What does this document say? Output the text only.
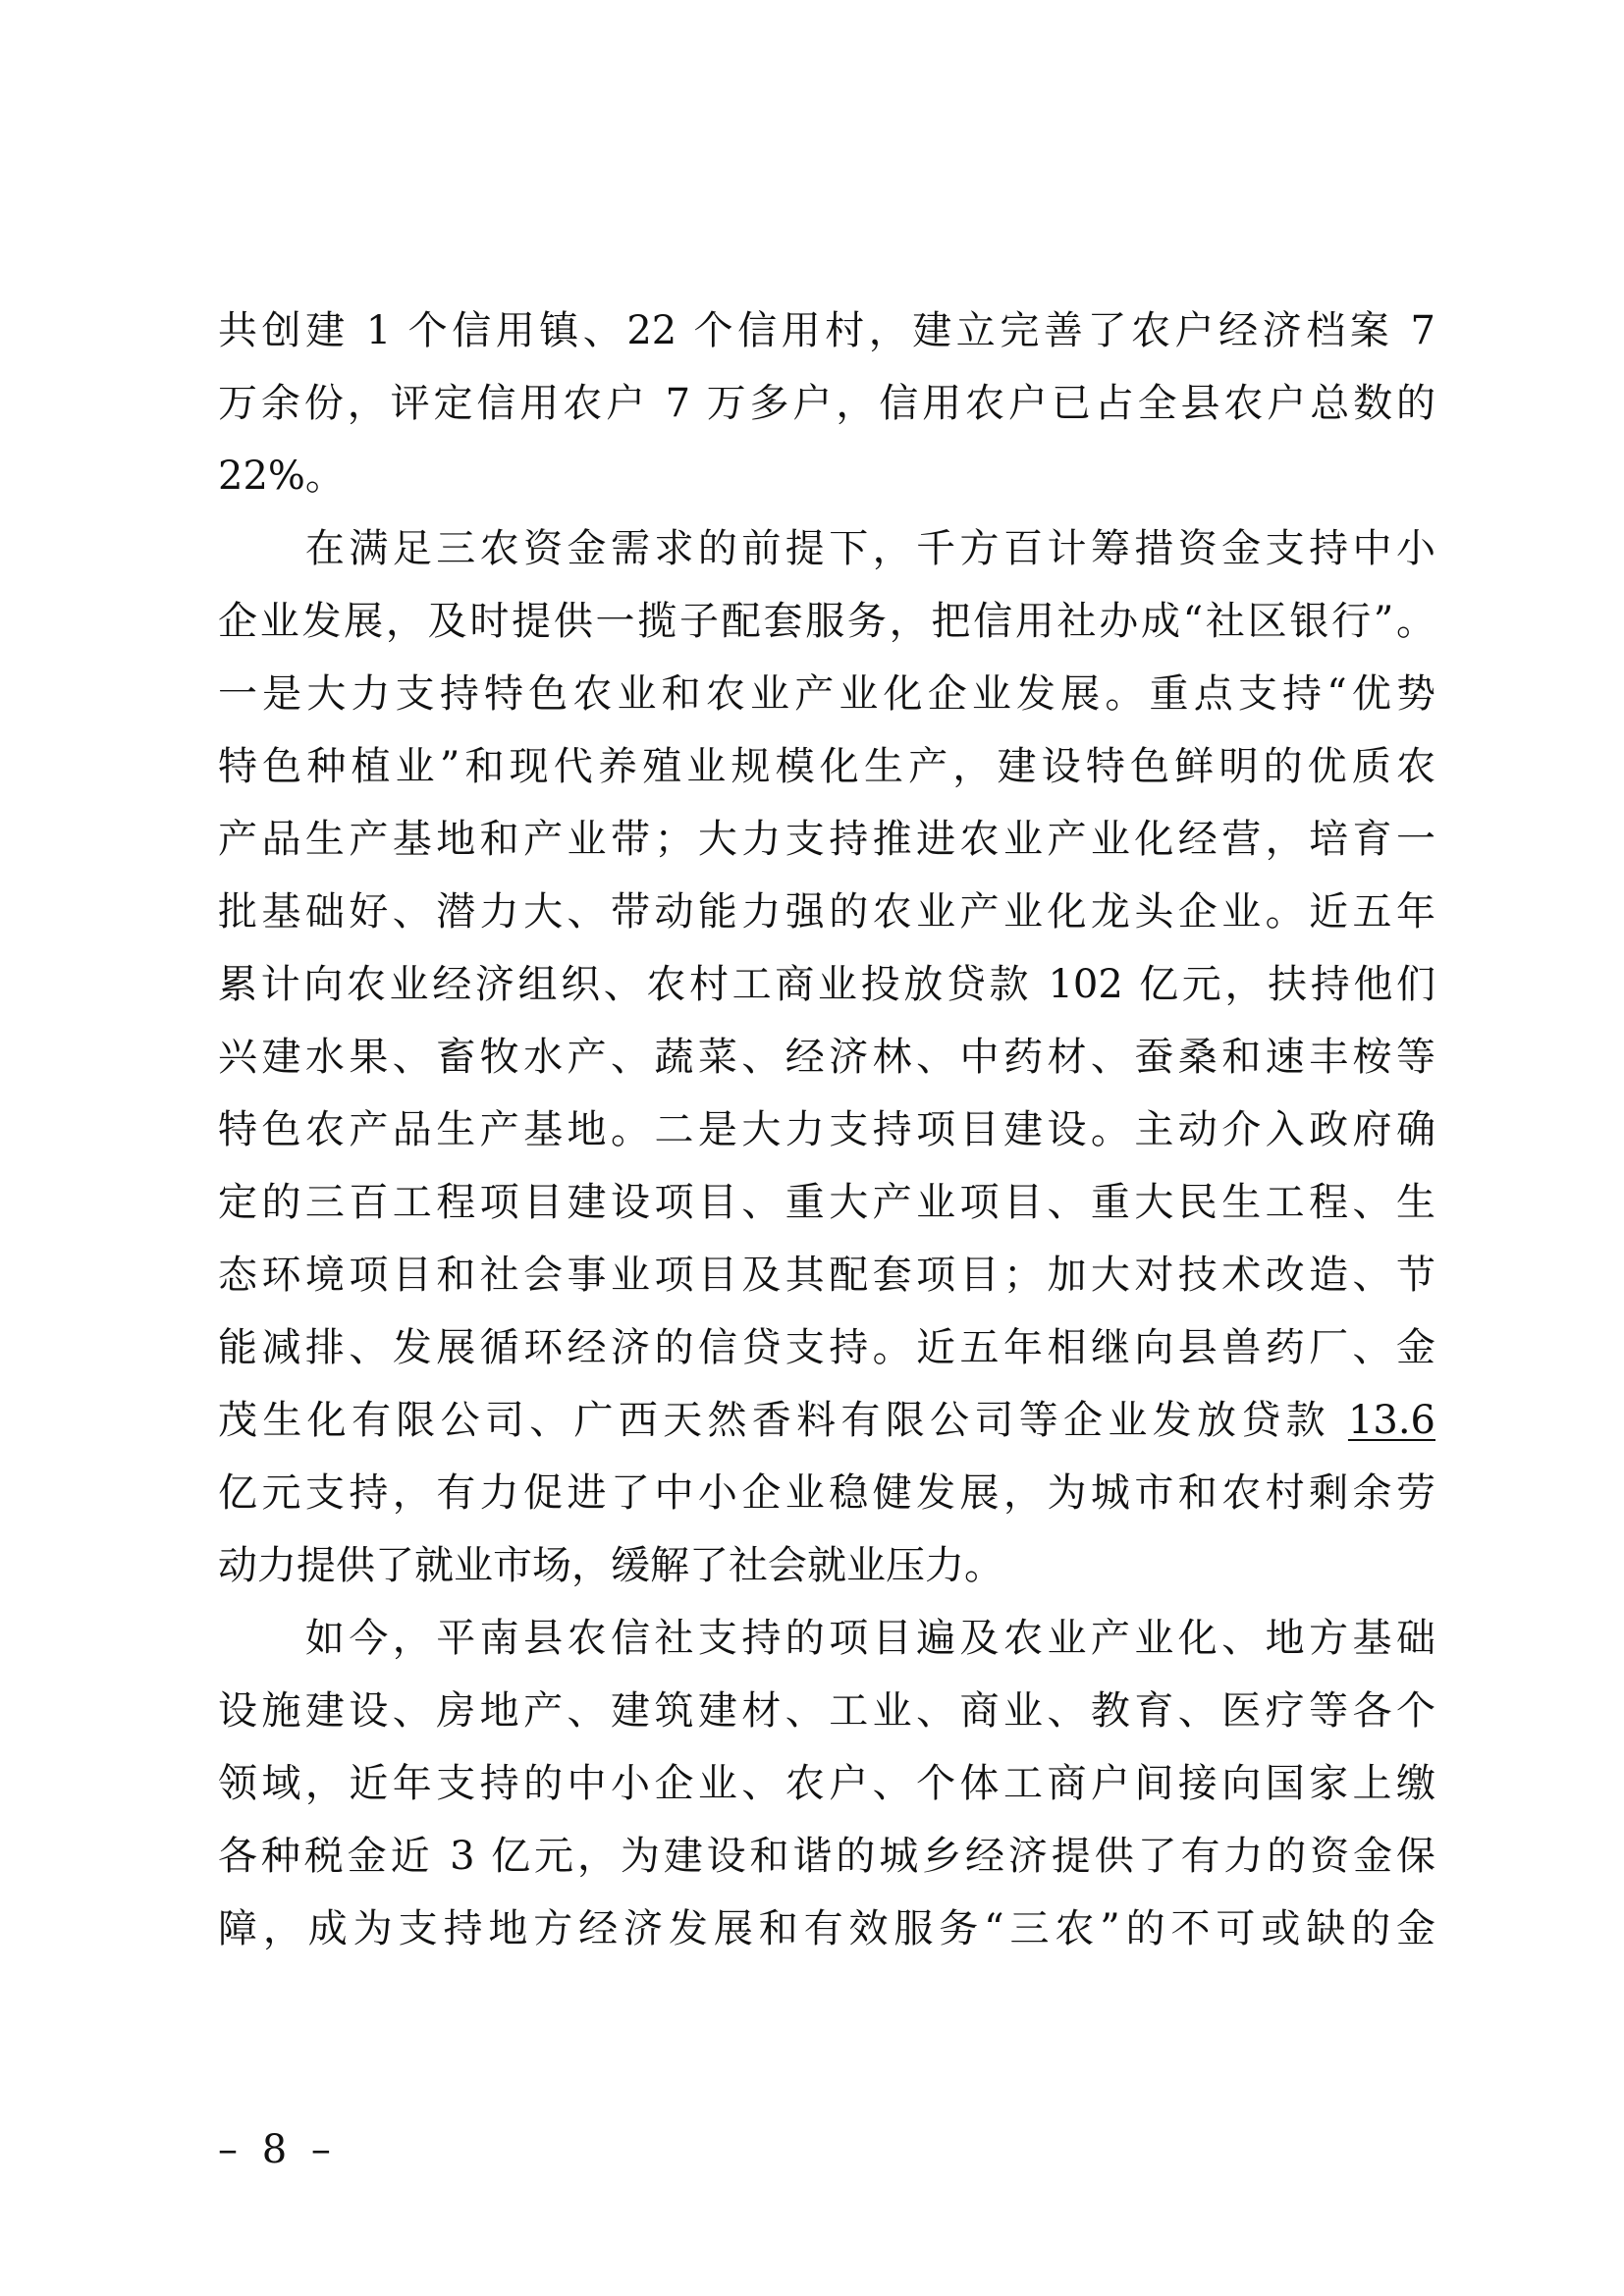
共创建 1 个信用镇、22 个信用村，建立完善了农户经济档案 7
万余份，评定信用农户 7 万多户，信用农户已占全县农户总数的
22%。
　　在满足三农资金需求的前提下，千方百计筹措资金支持中小
企业发展，及时提供一揽子配套服务，把信用社办成“社区银行”。
一是大力支持特色农业和农业产业化企业发展。重点支持“优势
特色种植业”和现代养殖业规模化生产，建设特色鲜明的优质农
产品生产基地和产业带；大力支持推进农业产业化经营，培育一
批基础好、潜力大、带动能力强的农业产业化龙头企业。近五年
累计向农业经济组织、农村工商业投放贷款 102 亿元，扶持他们
兴建水果、畜牧水产、蔬菜、经济林、中药材、蚕桑和速丰桉等
特色农产品生产基地。二是大力支持项目建设。主动介入政府确
定的三百工程项目建设项目、重大产业项目、重大民生工程、生
态环境项目和社会事业项目及其配套项目；加大对技术改造、节
能减排、发展循环经济的信贷支持。近五年相继向县兽药厂、金
茂生化有限公司、广西天然香料有限公司等企业发放贷款 13.6
亿元支持，有力促进了中小企业稳健发展，为城市和农村剩余劳
动力提供了就业市场，缓解了社会就业压力。
　　如今，平南县农信社支持的项目遍及农业产业化、地方基础
设施建设、房地产、建筑建材、工业、商业、教育、医疗等各个
领域，近年支持的中小企业、农户、个体工商户间接向国家上缴
各种税金近 3 亿元，为建设和谐的城乡经济提供了有力的资金保
障，成为支持地方经济发展和有效服务“三农”的不可或缺的金
– 8 –
